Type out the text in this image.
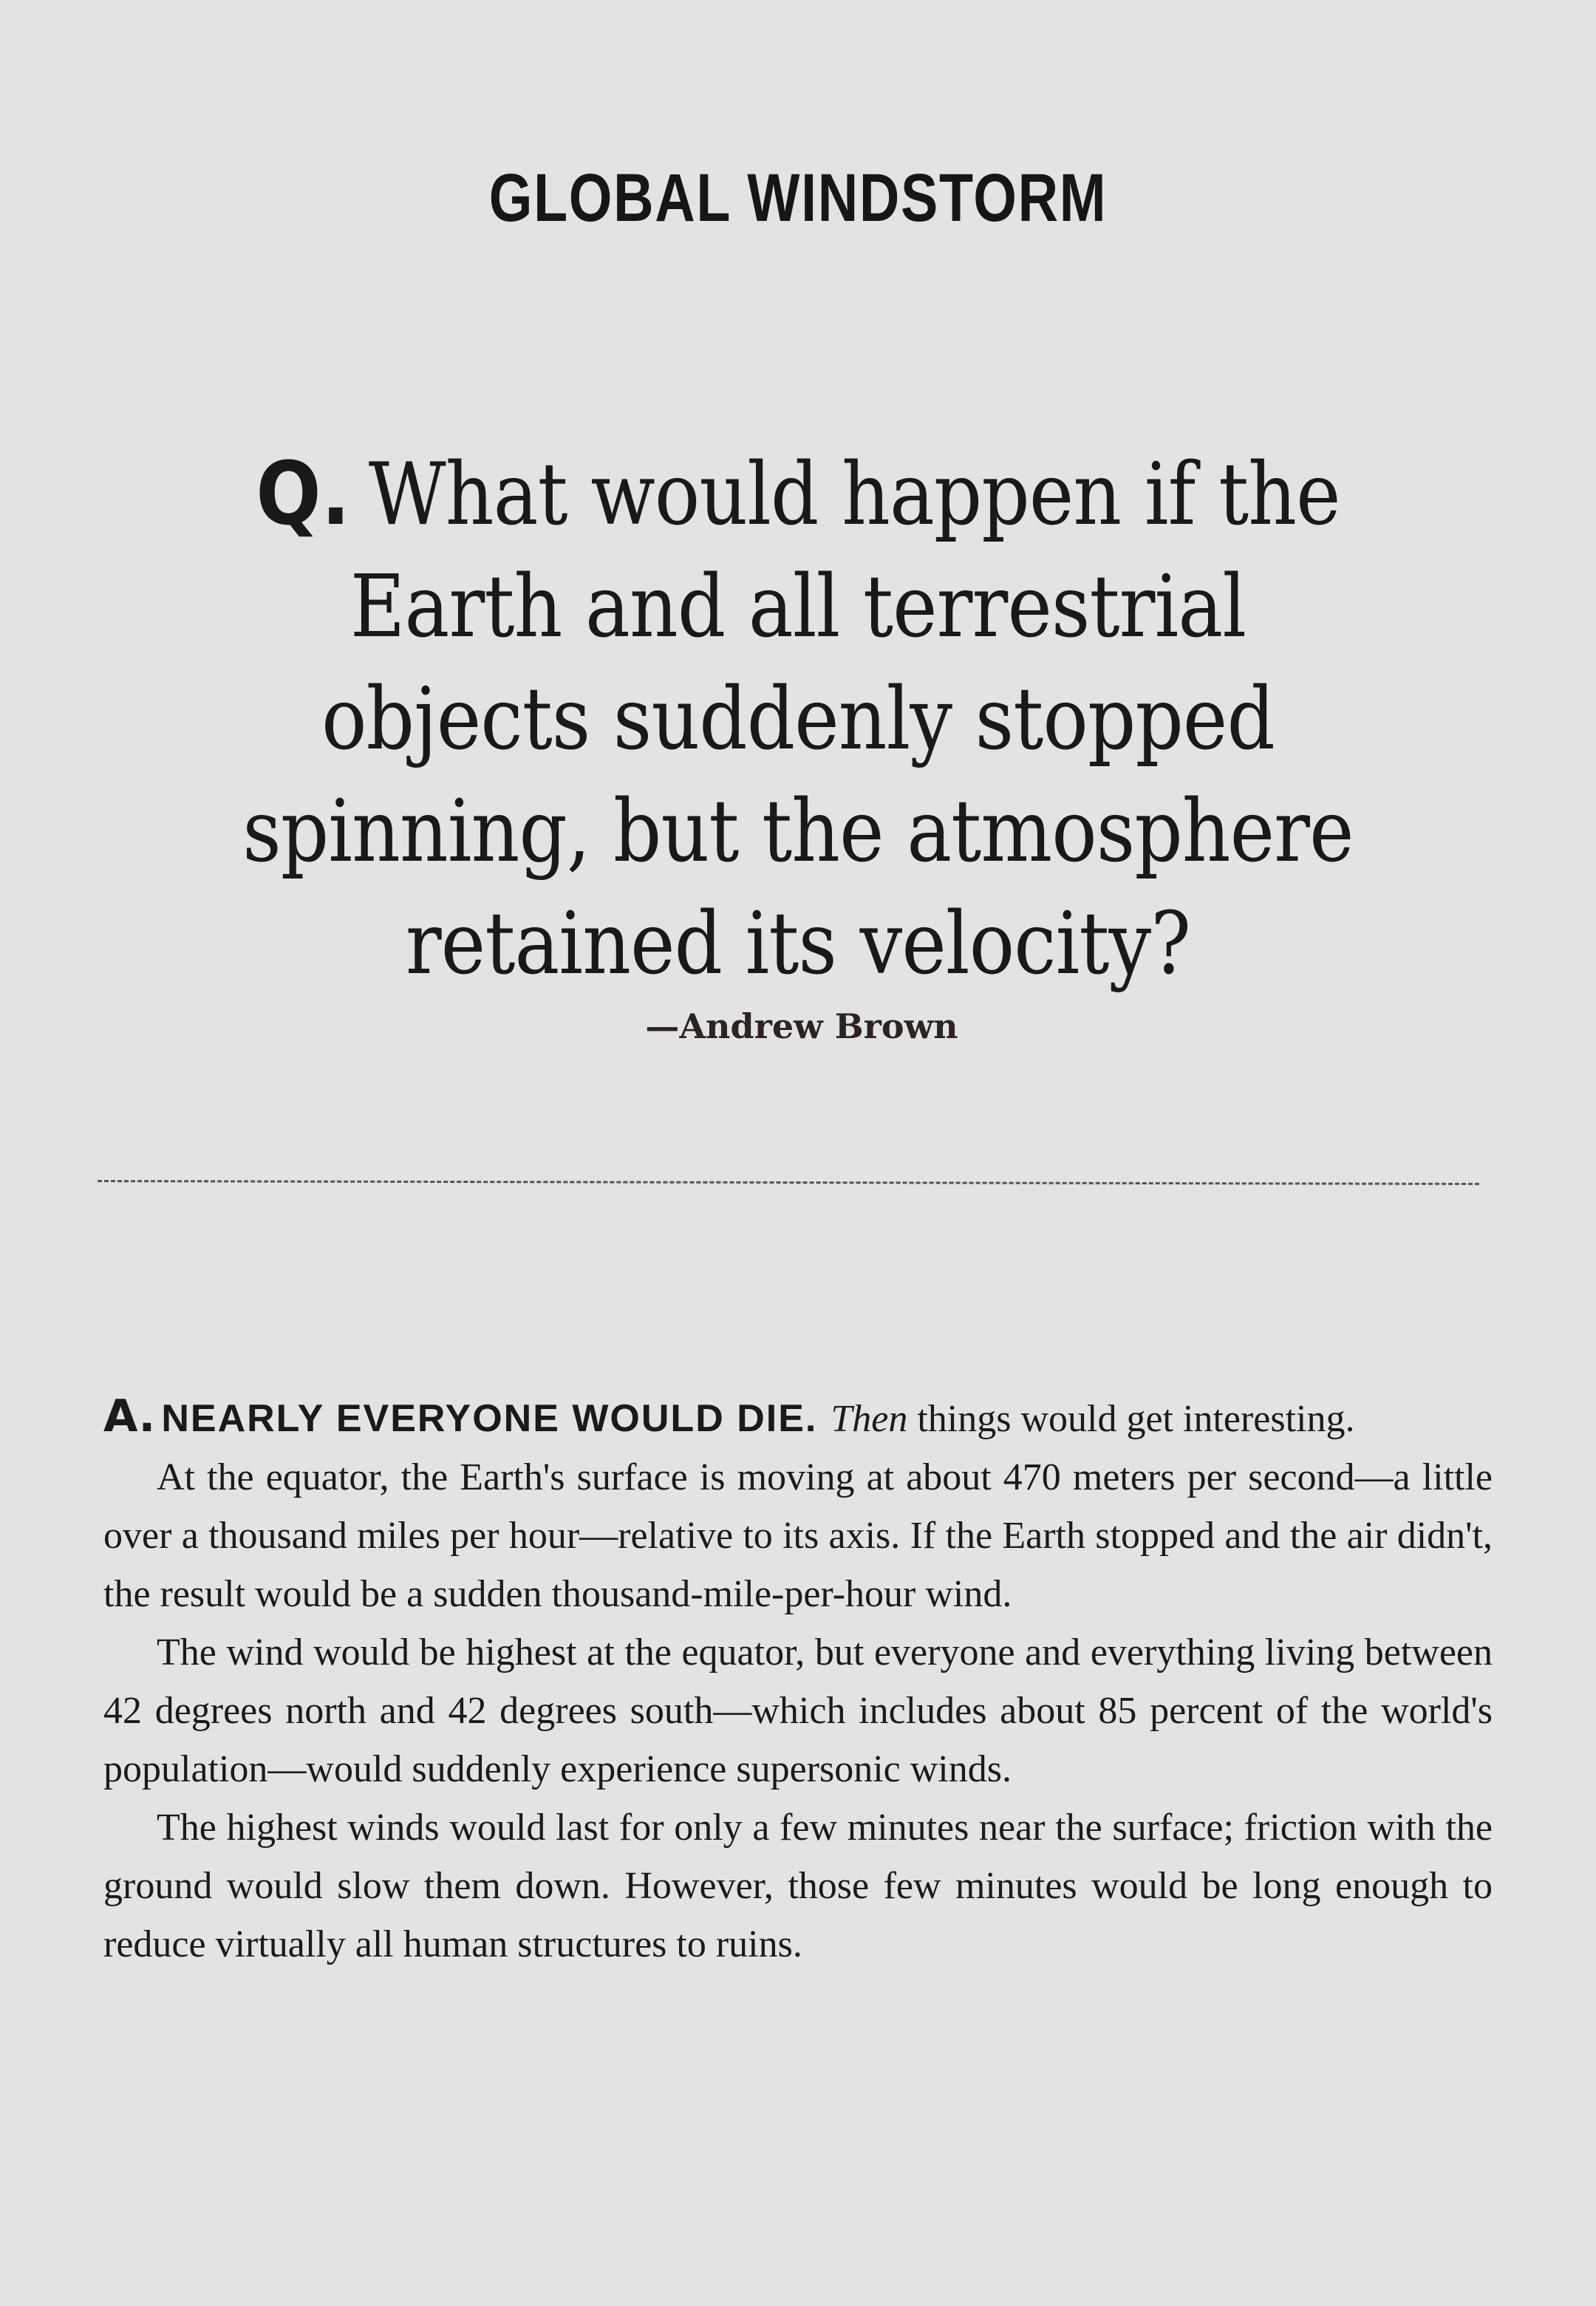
GLOBAL WINDSTORM
Q. What would happen if the Earth and all terrestrial objects suddenly stopped spinning, but the atmosphere retained its velocity?
—Andrew Brown

A. NEARLY EVERYONE WOULD DIE. Then things would get interesting.

At the equator, the Earth's surface is moving at about 470 meters per second—a little over a thousand miles per hour—relative to its axis. If the Earth stopped and the air didn't, the result would be a sudden thousand-mile-per-hour wind.

The wind would be highest at the equator, but everyone and everything living between 42 degrees north and 42 degrees south—which includes about 85 percent of the world's population—would suddenly experience supersonic winds.

The highest winds would last for only a few minutes near the surface; friction with the ground would slow them down. However, those few minutes would be long enough to reduce virtually all human structures to ruins.
